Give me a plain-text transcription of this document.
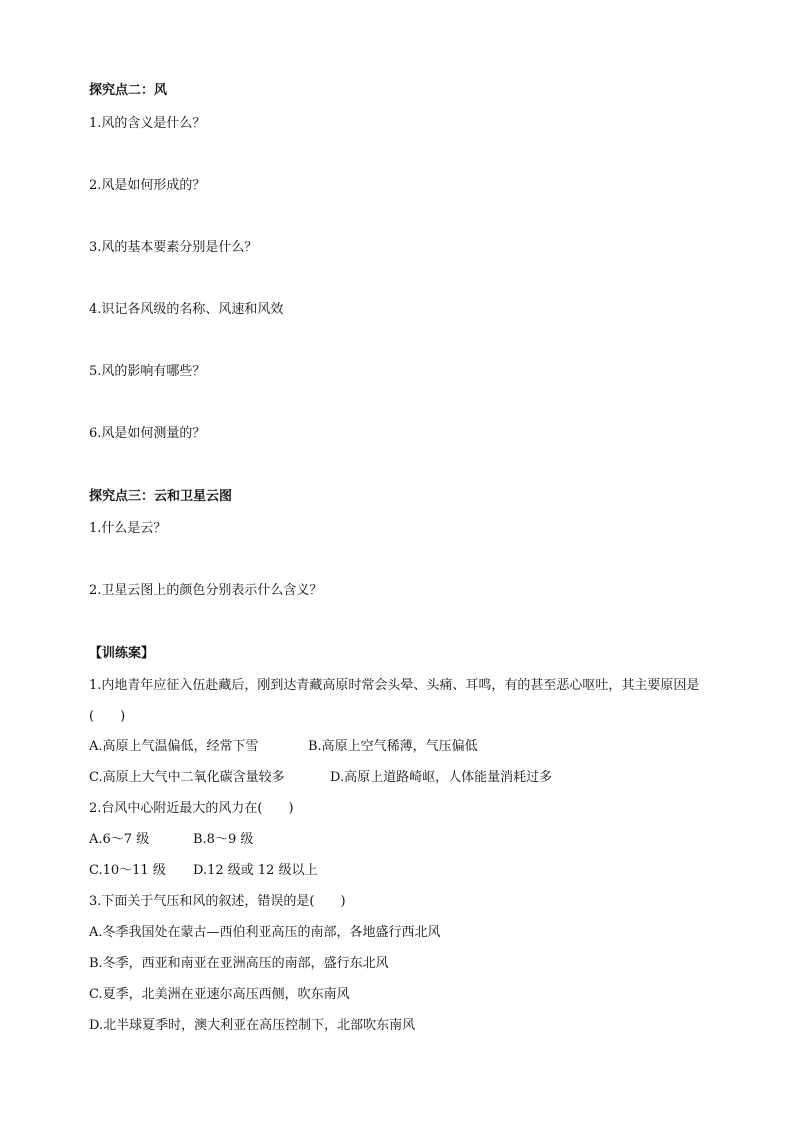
探究点二：风

1.风的含义是什么？

2.风是如何形成的？

3.风的基本要素分别是什么？

4.识记各风级的名称、风速和风效

5.风的影响有哪些？

6.风是如何测量的？

探究点三：云和卫星云图

1.什么是云？

2.卫星云图上的颜色分别表示什么含义？

【训练案】

1.内地青年应征入伍赴藏后，刚到达青藏高原时常会头晕、头痛、耳鸣，有的甚至恶心呕吐，其主要原因是(　　)

A.高原上气温偏低，经常下雪	B.高原上空气稀薄，气压偏低

C.高原上大气中二氧化碳含量较多	D.高原上道路崎岖，人体能量消耗过多

2.台风中心附近最大的风力在(　　)

A.6～7 级	B.8～9 级

C.10～11 级 D.12 级或 12 级以上

3.下面关于气压和风的叙述，错误的是(　　)

A.冬季我国处在蒙古—西伯利亚高压的南部，各地盛行西北风

B.冬季，西亚和南亚在亚洲高压的南部，盛行东北风

C.夏季，北美洲在亚速尔高压西侧，吹东南风

D.北半球夏季时，澳大利亚在高压控制下，北部吹东南风
